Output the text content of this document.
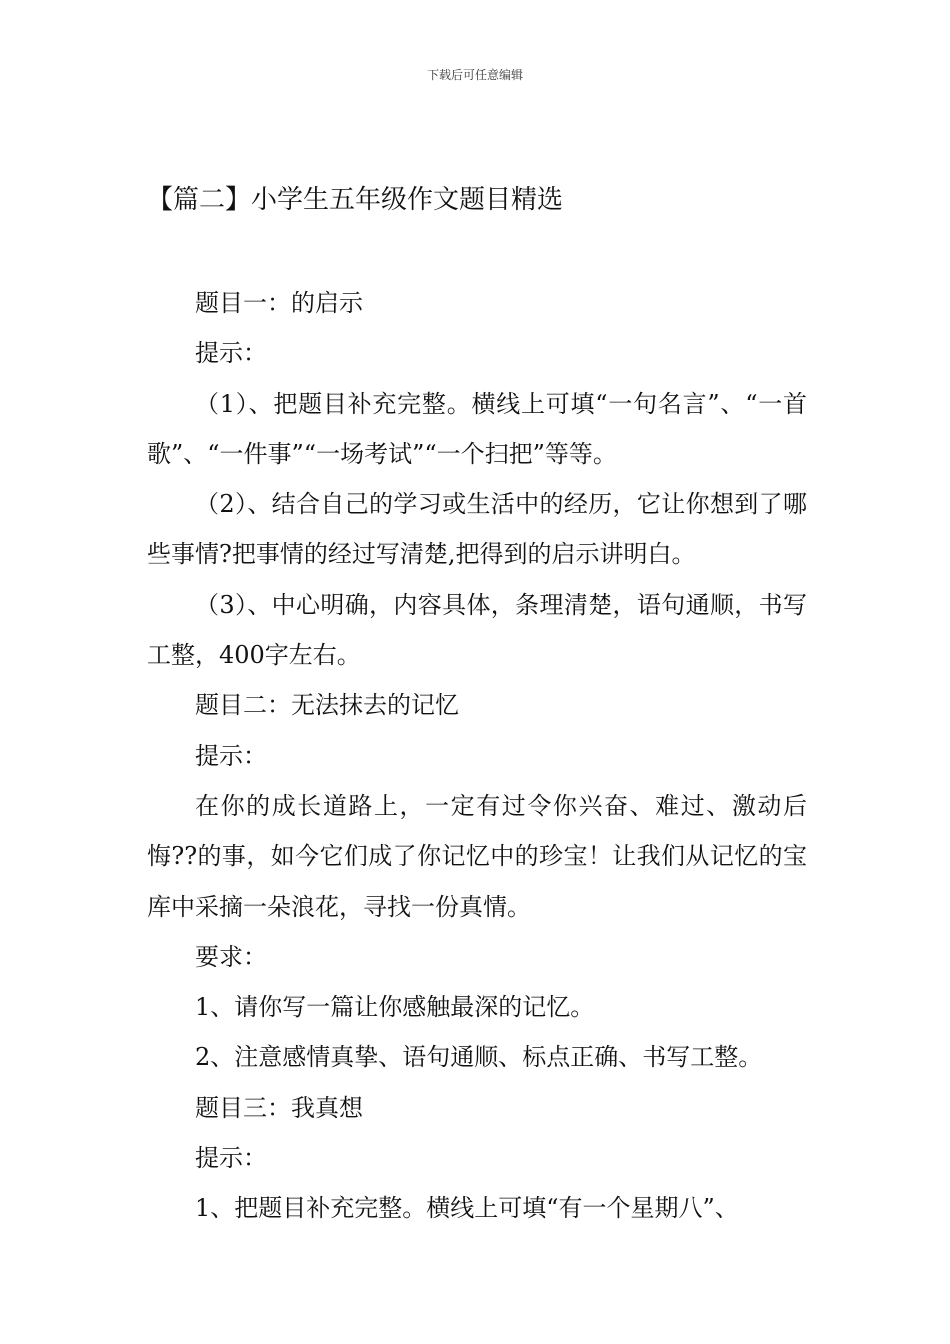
下载后可任意编辑
【篇二】小学生五年级作文题目精选

题目一：的启示

提示：

（1）、把题目补充完整。横线上可填“一句名言”、“一首歌”、“一件事”“一场考试”“一个扫把”等等。

（2）、结合自己的学习或生活中的经历，它让你想到了哪些事情?把事情的经过写清楚,把得到的启示讲明白。

（3）、中心明确，内容具体，条理清楚，语句通顺，书写工整，400字左右。

题目二：无法抹去的记忆

提示：

在你的成长道路上，一定有过令你兴奋、难过、激动后悔??的事，如今它们成了你记忆中的珍宝！让我们从记忆的宝库中采摘一朵浪花，寻找一份真情。

要求：

1、请你写一篇让你感触最深的记忆。

2、注意感情真挚、语句通顺、标点正确、书写工整。

题目三：我真想

提示：

1、把题目补充完整。横线上可填“有一个星期八”、
